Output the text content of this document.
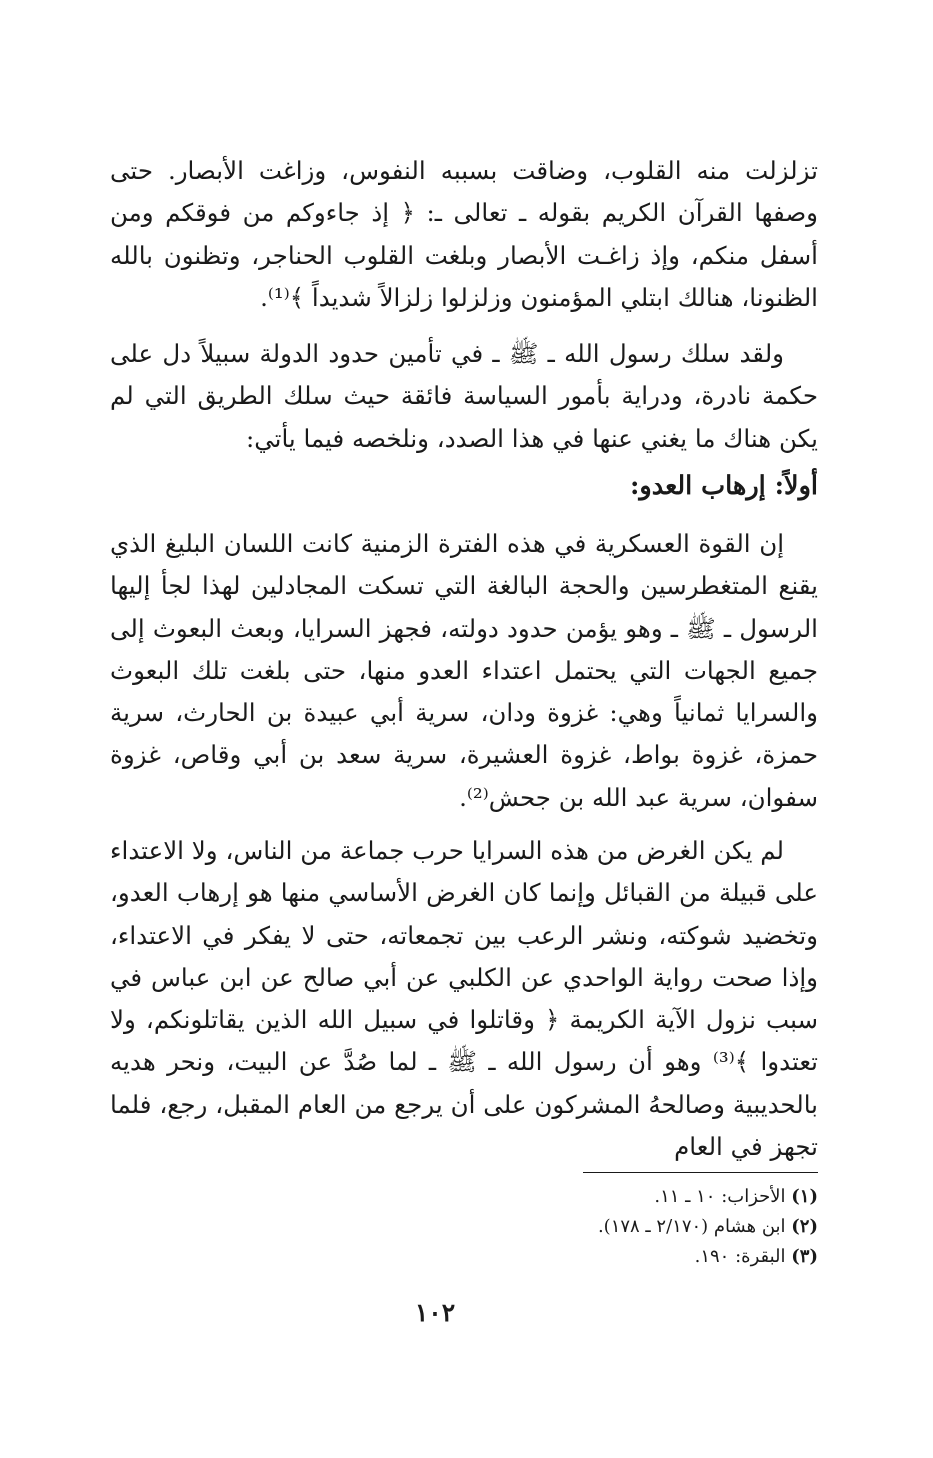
تزلزلت منه القلوب، وضاقت بسببه النفوس، وزاغت الأبصار. حتى وصفها القرآن الكريم بقوله ـ تعالى ـ: ﴿ إذ جاءوكم من فوقكم ومن أسفل منكم، وإذ زاغـت الأبصار وبلغت القلوب الحناجر، وتظنون بالله الظنونا، هنالك ابتلي المؤمنون وزلزلوا زلزالاً شديداً ﴾⁽¹⁾.

ولقد سلك رسول الله ـ ﷺ ـ في تأمين حدود الدولة سبيلاً دل على حكمة نادرة، ودراية بأمور السياسة فائقة حيث سلك الطريق التي لم يكن هناك ما يغني عنها في هذا الصدد، ونلخصه فيما يأتي:

أولاً: إرهاب العدو:

إن القوة العسكرية في هذه الفترة الزمنية كانت اللسان البليغ الذي يقنع المتغطرسين والحجة البالغة التي تسكت المجادلين لهذا لجأ إليها الرسول ـ ﷺ ـ وهو يؤمن حدود دولته، فجهز السرايا، وبعث البعوث إلى جميع الجهات التي يحتمل اعتداء العدو منها، حتى بلغت تلك البعوث والسرايا ثمانياً وهي: غزوة ودان، سرية أبي عبيدة بن الحارث، سرية حمزة، غزوة بواط، غزوة العشيرة، سرية سعد بن أبي وقاص، غزوة سفوان، سرية عبد الله بن جحش⁽²⁾.

لم يكن الغرض من هذه السرايا حرب جماعة من الناس، ولا الاعتداء على قبيلة من القبائل وإنما كان الغرض الأساسي منها هو إرهاب العدو، وتخضيد شوكته، ونشر الرعب بين تجمعاته، حتى لا يفكر في الاعتداء، وإذا صحت رواية الواحدي عن الكلبي عن أبي صالح عن ابن عباس في سبب نزول الآية الكريمة ﴿ وقاتلوا في سبيل الله الذين يقاتلونكم، ولا تعتدوا ﴾⁽³⁾ وهو أن رسول الله ـ ﷺ ـ لما صُدَّ عن البيت، ونحر هديه بالحديبية وصالحهُ المشركون على أن يرجع من العام المقبل، رجع، فلما تجهز في العام

(١) الأحزاب: ١٠ ـ ١١.
(٢) ابن هشام (٢/١٧٠ ـ ١٧٨).
(٣) البقرة: ١٩٠.
١٠٢
